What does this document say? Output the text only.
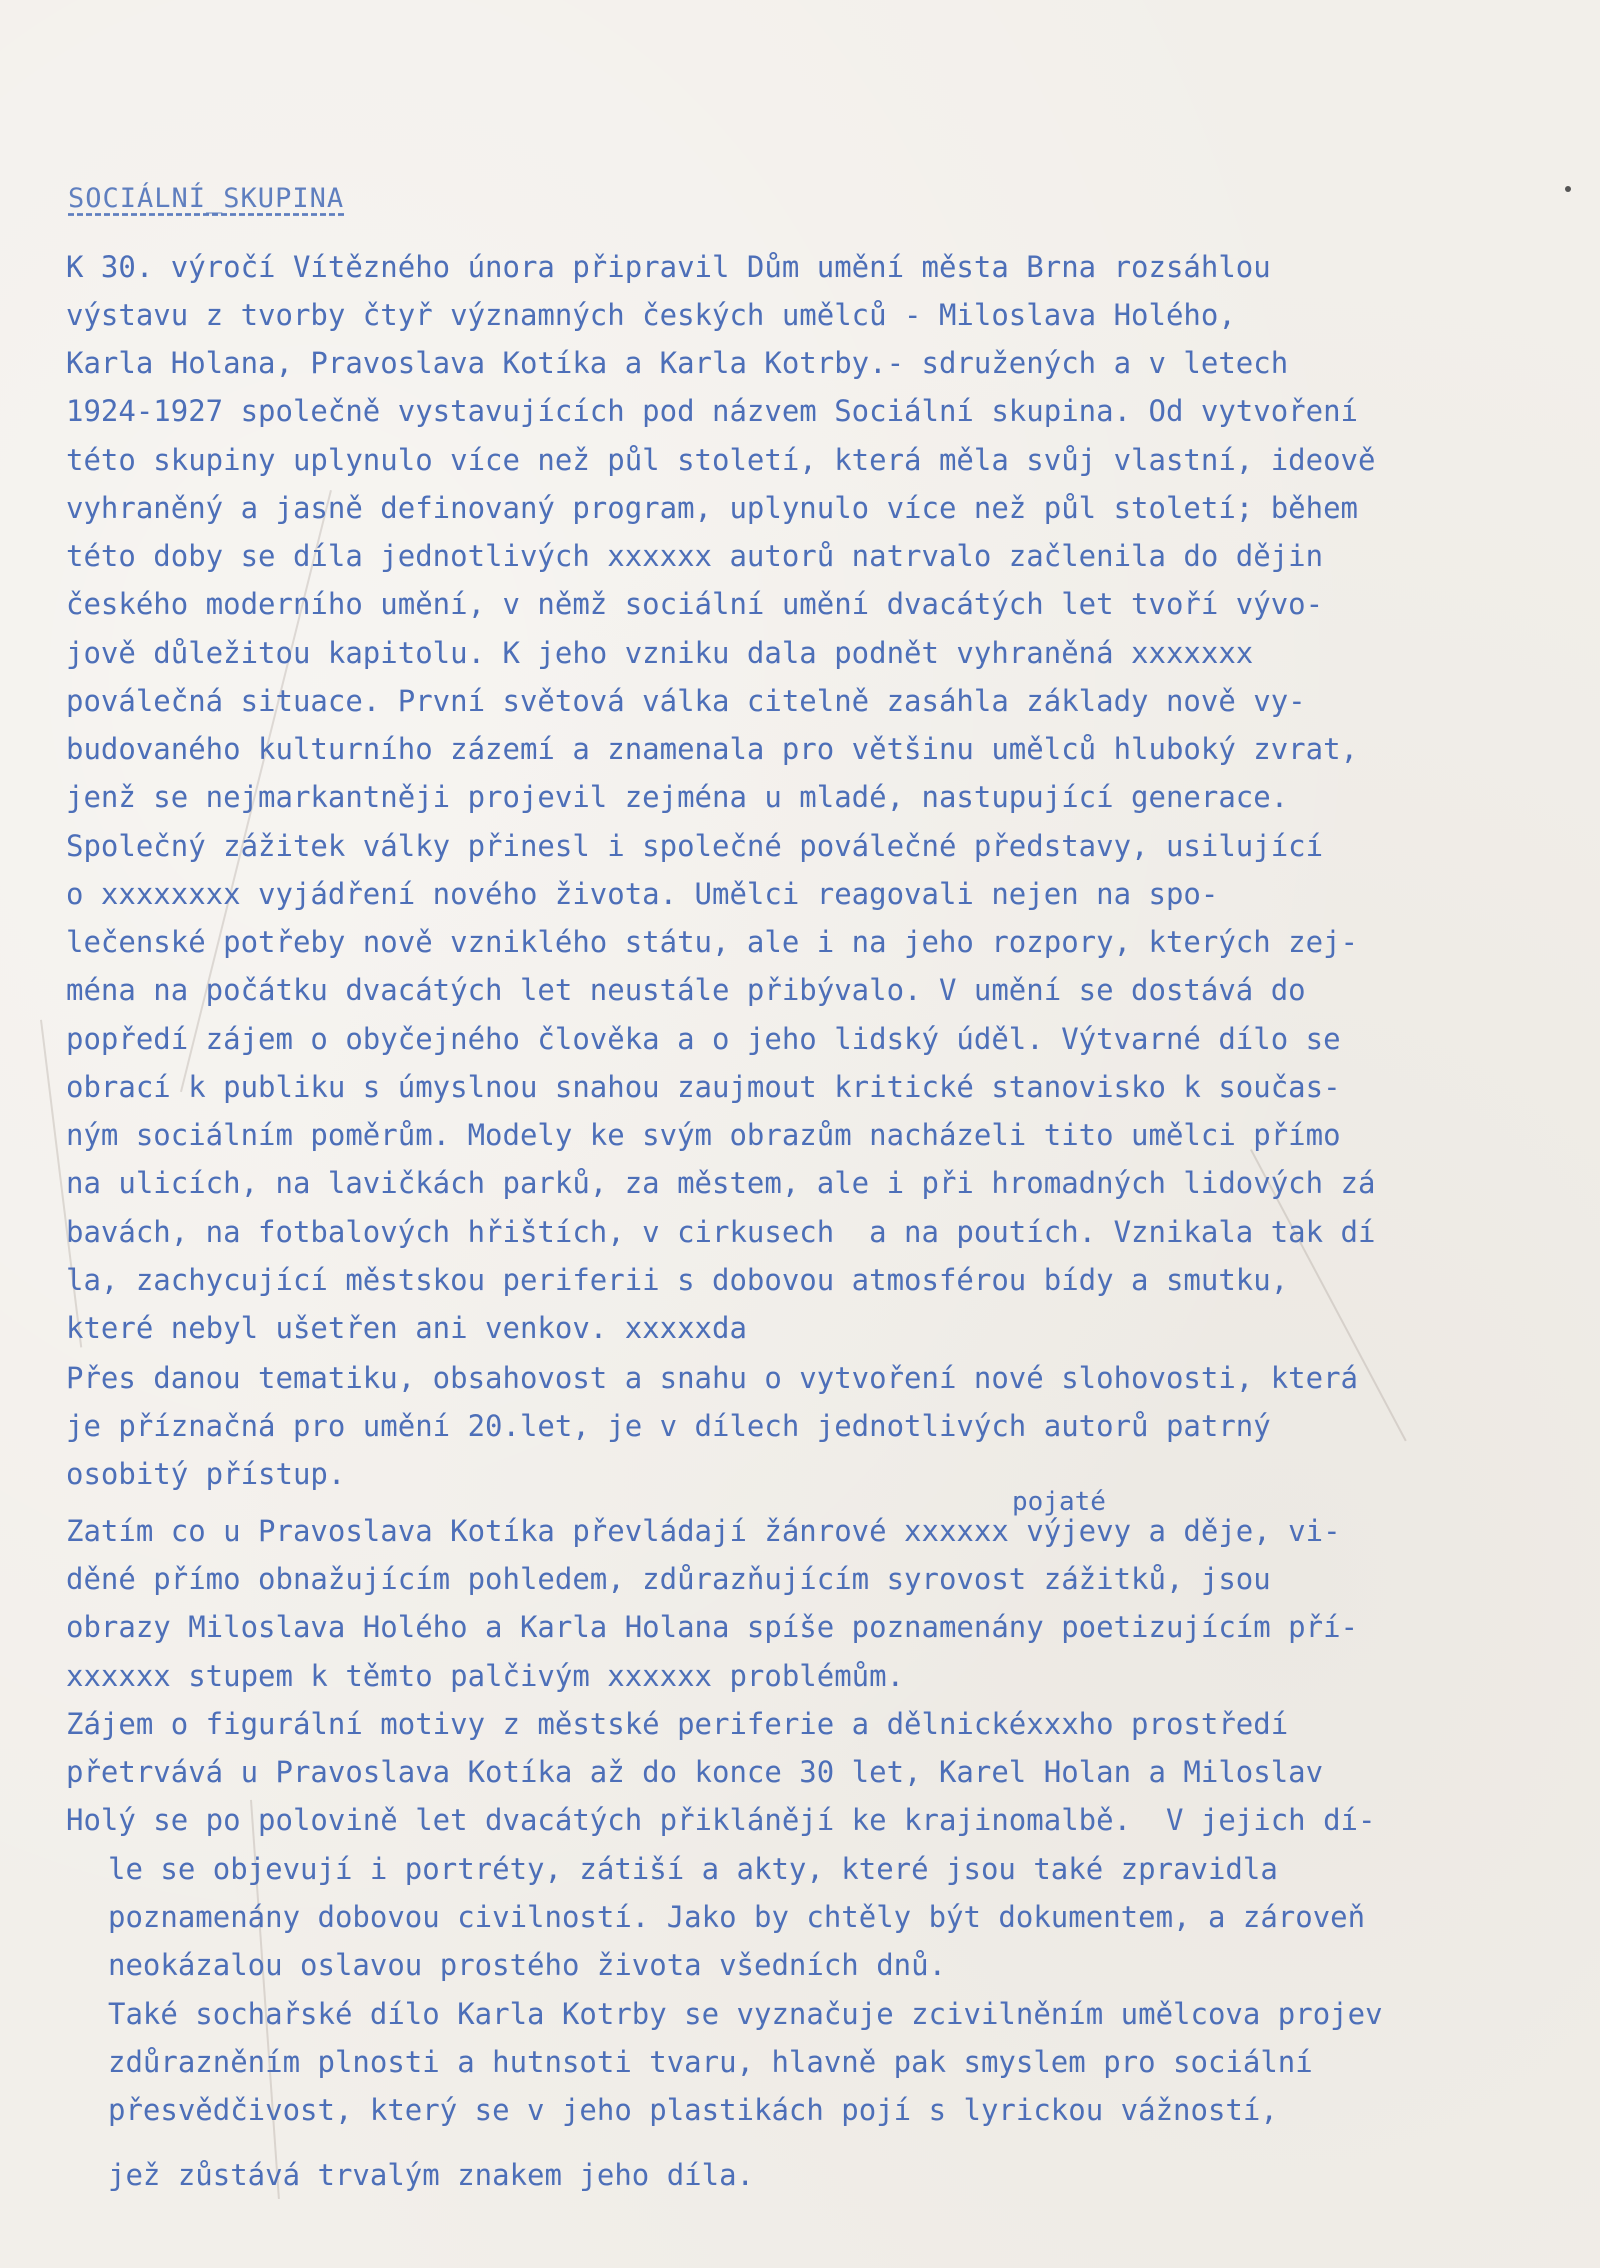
SOCIÁLNÍ_SKUPINA
K 30. výročí Vítězného února připravil Dům umění města Brna rozsáhlou
výstavu z tvorby čtyř významných českých umělců - Miloslava Holého,
Karla Holana, Pravoslava Kotíka a Karla Kotrby.- sdružených a v letech
1924-1927 společně vystavujících pod názvem Sociální skupina. Od vytvoření
této skupiny uplynulo více než půl století, která měla svůj vlastní, ideově
vyhraněný a jasně definovaný program, uplynulo více než půl století; během
této doby se díla jednotlivých xxxxxx autorů natrvalo začlenila do dějin
českého moderního umění, v němž sociální umění dvacátých let tvoří vývo-
jově důležitou kapitolu. K jeho vzniku dala podnět vyhraněná xxxxxxx
poválečná situace. První světová válka citelně zasáhla základy nově vy-
budovaného kulturního zázemí a znamenala pro většinu umělců hluboký zvrat,
jenž se nejmarkantněji projevil zejména u mladé, nastupující generace.
Společný zážitek války přinesl i společné poválečné představy, usilující
o xxxxxxxx vyjádření nového života. Umělci reagovali nejen na spo-
lečenské potřeby nově vzniklého státu, ale i na jeho rozpory, kterých zej-
ména na počátku dvacátých let neustále přibývalo. V umění se dostává do
popředí zájem o obyčejného člověka a o jeho lidský úděl. Výtvarné dílo se
obrací k publiku s úmyslnou snahou zaujmout kritické stanovisko k součas-
ným sociálním poměrům. Modely ke svým obrazům nacházeli tito umělci přímo
na ulicích, na lavičkách parků, za městem, ale i při hromadných lidových zá
bavách, na fotbalových hřištích, v cirkusech  a na poutích. Vznikala tak dí
la, zachycující městskou periferii s dobovou atmosférou bídy a smutku,
které nebyl ušetřen ani venkov. xxxxxda
Přes danou tematiku, obsahovost a snahu o vytvoření nové slohovosti, která
je příznačná pro umění 20.let, je v dílech jednotlivých autorů patrný
osobitý přístup.
pojaté
Zatím co u Pravoslava Kotíka převládají žánrové xxxxxx výjevy a děje, vi-
děné přímo obnažujícím pohledem, zdůrazňujícím syrovost zážitků, jsou
obrazy Miloslava Holého a Karla Holana spíše poznamenány poetizujícím pří-
xxxxxx stupem k těmto palčivým xxxxxx problémům.
Zájem o figurální motivy z městské periferie a dělnickéxxxho prostředí
přetrvává u Pravoslava Kotíka až do konce 30 let, Karel Holan a Miloslav
Holý se po polovině let dvacátých přiklánějí ke krajinomalbě.  V jejich dí-
le se objevují i portréty, zátiší a akty, které jsou také zpravidla
poznamenány dobovou civilností. Jako by chtěly být dokumentem, a zároveň
neokázalou oslavou prostého života všedních dnů.
Také sochařské dílo Karla Kotrby se vyznačuje zcivilněním umělcova projev
zdůrazněním plnosti a hutnsoti tvaru, hlavně pak smyslem pro sociální
přesvědčivost, který se v jeho plastikách pojí s lyrickou vážností,
jež zůstává trvalým znakem jeho díla.
